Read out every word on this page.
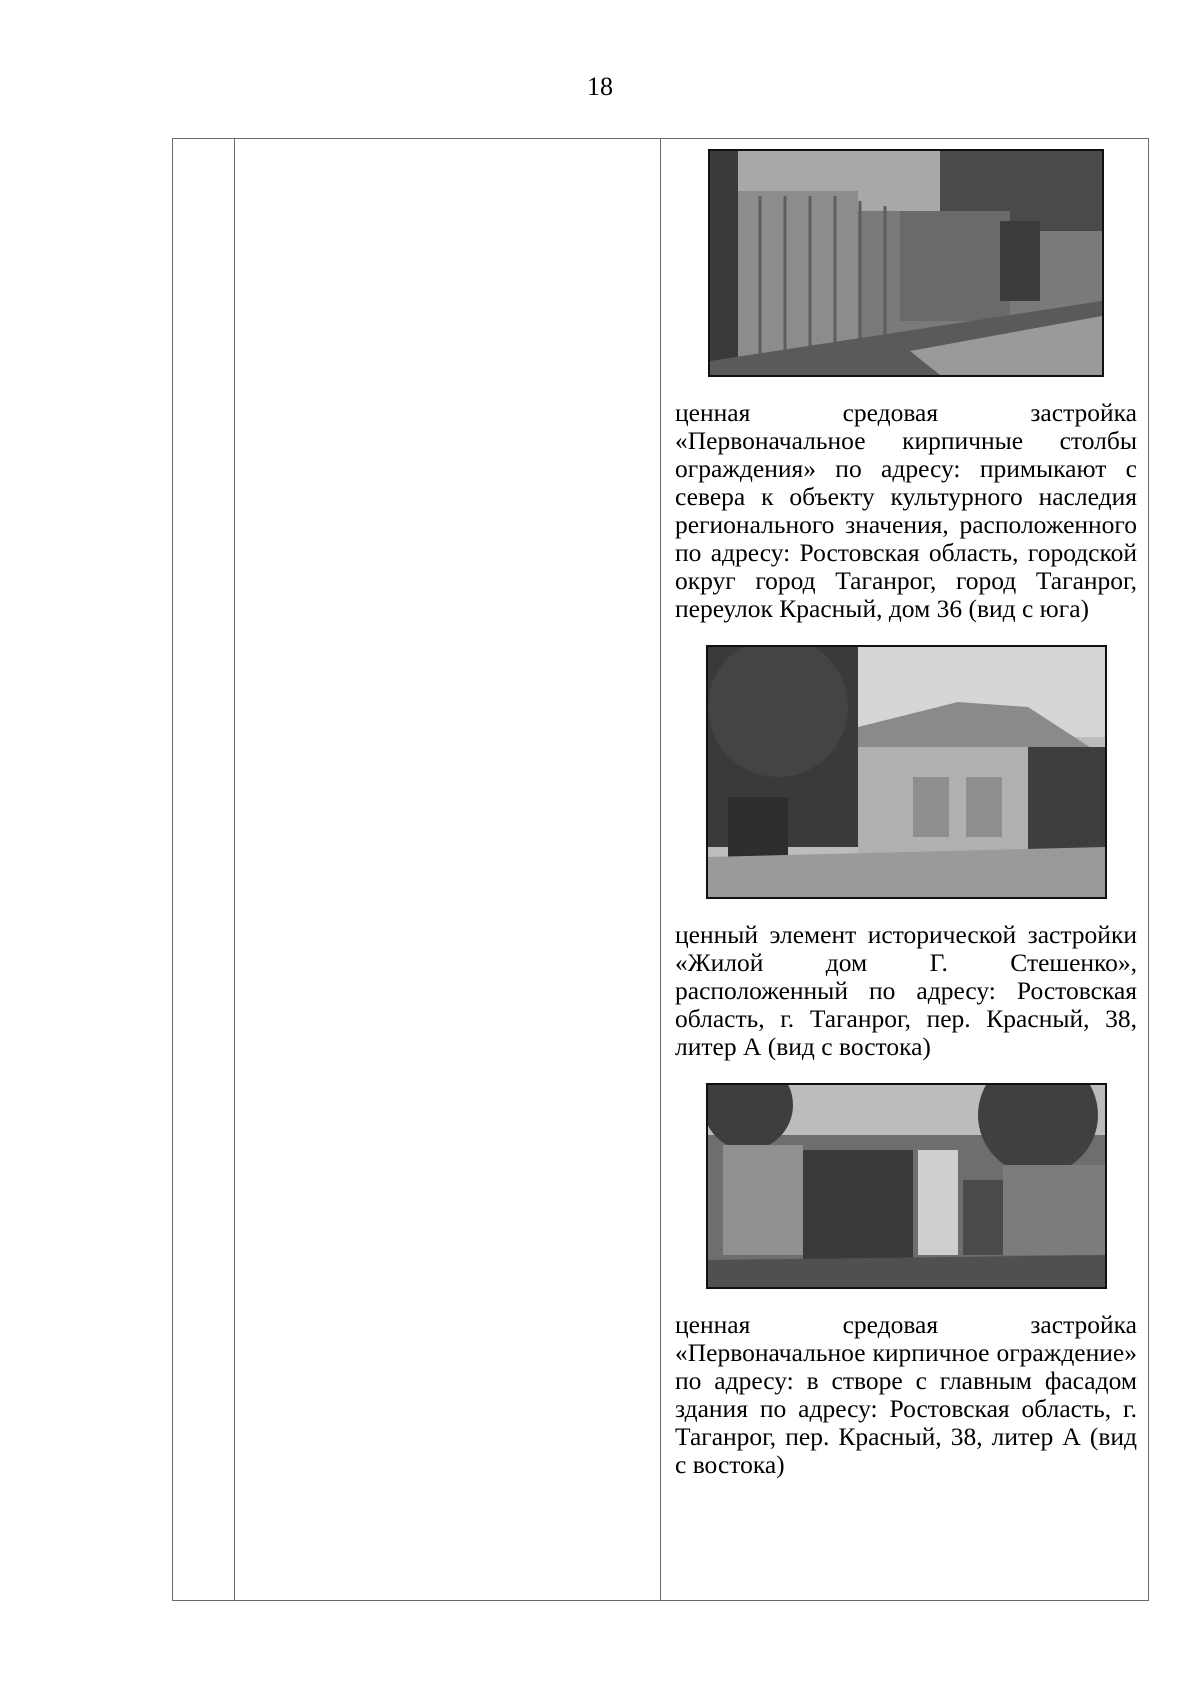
18

ценная средовая застройка «Первоначальное кирпичные столбы ограждения» по адресу: примыкают с севера к объекту культурного наследия регионального значения, расположенного по адресу: Ростовская область, городской округ город Таганрог, город Таганрог, переулок Красный, дом 36 (вид с юга)

ценный элемент исторической застройки «Жилой дом Г. Стешенко», расположенный по адресу: Ростовская область, г. Таганрог, пер. Красный, 38, литер А (вид с востока)

ценная средовая застройка «Первоначальное кирпичное ограждение» по адресу: в створе с главным фасадом здания по адресу: Ростовская область, г. Таганрог, пер. Красный, 38, литер А (вид с востока)
